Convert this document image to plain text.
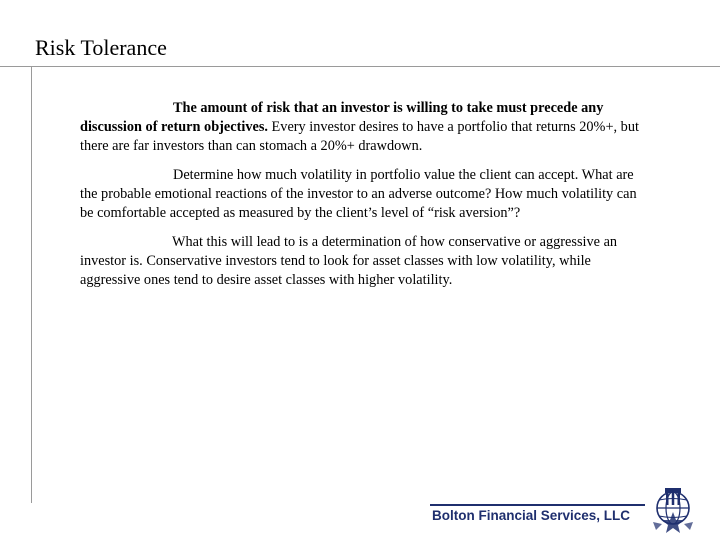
Risk Tolerance

The amount of risk that an investor is willing to take must precede any discussion of return objectives. Every investor desires to have a portfolio that returns 20%+, but there are far investors than can stomach a 20%+ drawdown.

Determine how much volatility in portfolio value the client can accept. What are the probable emotional reactions of the investor to an adverse outcome? How much volatility can be comfortable accepted as measured by the client’s level of “risk aversion”?

What this will lead to is a determination of how conservative or aggressive an investor is. Conservative investors tend to look for asset classes with low volatility, while aggressive ones tend to desire asset classes with higher volatility.

Bolton Financial Services, LLC
